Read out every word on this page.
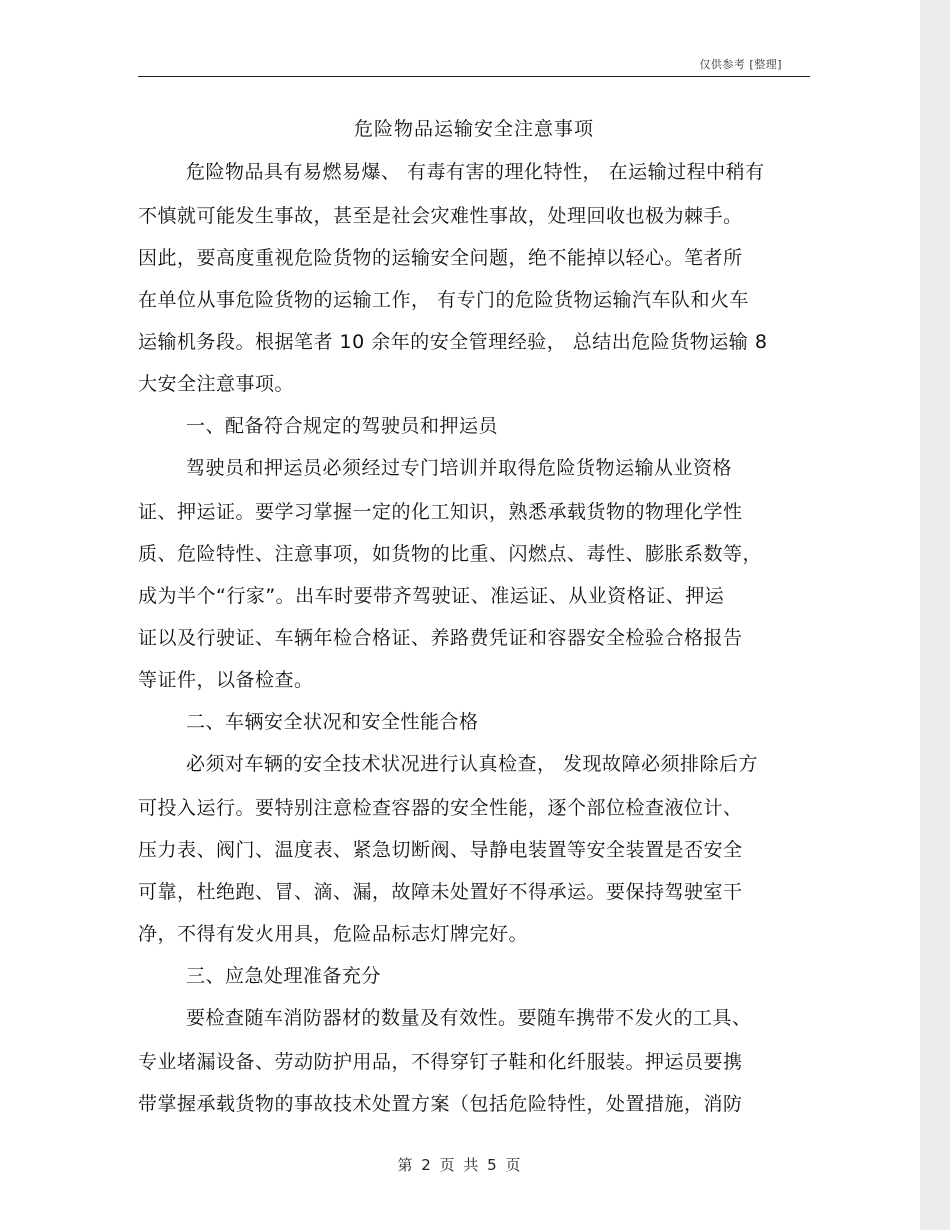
仅供参考 [整理]
危险物品运输安全注意事项
危险物品具有易燃易爆、 有毒有害的理化特性， 在运输过程中稍有
不慎就可能发生事故，甚至是社会灾难性事故，处理回收也极为棘手。
因此，要高度重视危险货物的运输安全问题，绝不能掉以轻心。笔者所
在单位从事危险货物的运输工作， 有专门的危险货物运输汽车队和火车
运输机务段。根据笔者 10 余年的安全管理经验， 总结出危险货物运输 8
大安全注意事项。
一、配备符合规定的驾驶员和押运员
驾驶员和押运员必须经过专门培训并取得危险货物运输从业资格
证、押运证。要学习掌握一定的化工知识，熟悉承载货物的物理化学性
质、危险特性、注意事项，如货物的比重、闪燃点、毒性、膨胀系数等，
成为半个“行家”。出车时要带齐驾驶证、准运证、从业资格证、押运
证以及行驶证、车辆年检合格证、养路费凭证和容器安全检验合格报告
等证件，以备检查。
二、车辆安全状况和安全性能合格
必须对车辆的安全技术状况进行认真检查， 发现故障必须排除后方
可投入运行。要特别注意检查容器的安全性能，逐个部位检查液位计、
压力表、阀门、温度表、紧急切断阀、导静电装置等安全装置是否安全
可靠，杜绝跑、冒、滴、漏，故障未处置好不得承运。要保持驾驶室干
净，不得有发火用具，危险品标志灯牌完好。
三、应急处理准备充分
要检查随车消防器材的数量及有效性。要随车携带不发火的工具、
专业堵漏设备、劳动防护用品，不得穿钉子鞋和化纤服装。押运员要携
带掌握承载货物的事故技术处置方案（包括危险特性，处置措施，消防
第 2 页 共 5 页
